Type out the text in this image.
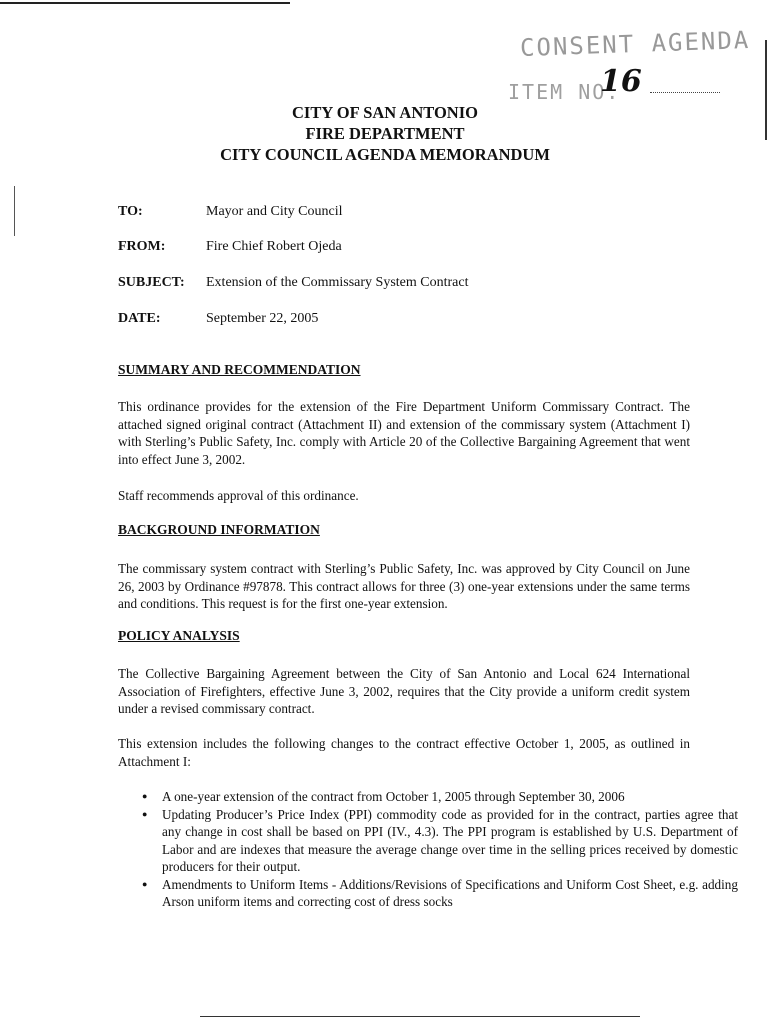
CONSENT AGENDA
ITEM NO.
16
CITY OF SAN ANTONIO
FIRE DEPARTMENT
CITY COUNCIL AGENDA MEMORANDUM
TO:	Mayor and City Council
FROM:	Fire Chief Robert Ojeda
SUBJECT:	Extension of the Commissary System Contract
DATE:	September 22, 2005
SUMMARY AND RECOMMENDATION
This ordinance provides for the extension of the Fire Department Uniform Commissary Contract. The attached signed original contract (Attachment II) and extension of the commissary system (Attachment I) with Sterling’s Public Safety, Inc. comply with Article 20 of the Collective Bargaining Agreement that went into effect June 3, 2002.
Staff recommends approval of this ordinance.
BACKGROUND INFORMATION
The commissary system contract with Sterling’s Public Safety, Inc. was approved by City Council on June 26, 2003 by Ordinance #97878. This contract allows for three (3) one-year extensions under the same terms and conditions. This request is for the first one-year extension.
POLICY ANALYSIS
The Collective Bargaining Agreement between the City of San Antonio and Local 624 International Association of Firefighters, effective June 3, 2002, requires that the City provide a uniform credit system under a revised commissary contract.
This extension includes the following changes to the contract effective October 1, 2005, as outlined in Attachment I:
● A one-year extension of the contract from October 1, 2005 through September 30, 2006
● Updating Producer’s Price Index (PPI) commodity code as provided for in the contract, parties agree that any change in cost shall be based on PPI (IV., 4.3). The PPI program is established by U.S. Department of Labor and are indexes that measure the average change over time in the selling prices received by domestic producers for their output.
● Amendments to Uniform Items - Additions/Revisions of Specifications and Uniform Cost Sheet, e.g. adding Arson uniform items and correcting cost of dress socks
